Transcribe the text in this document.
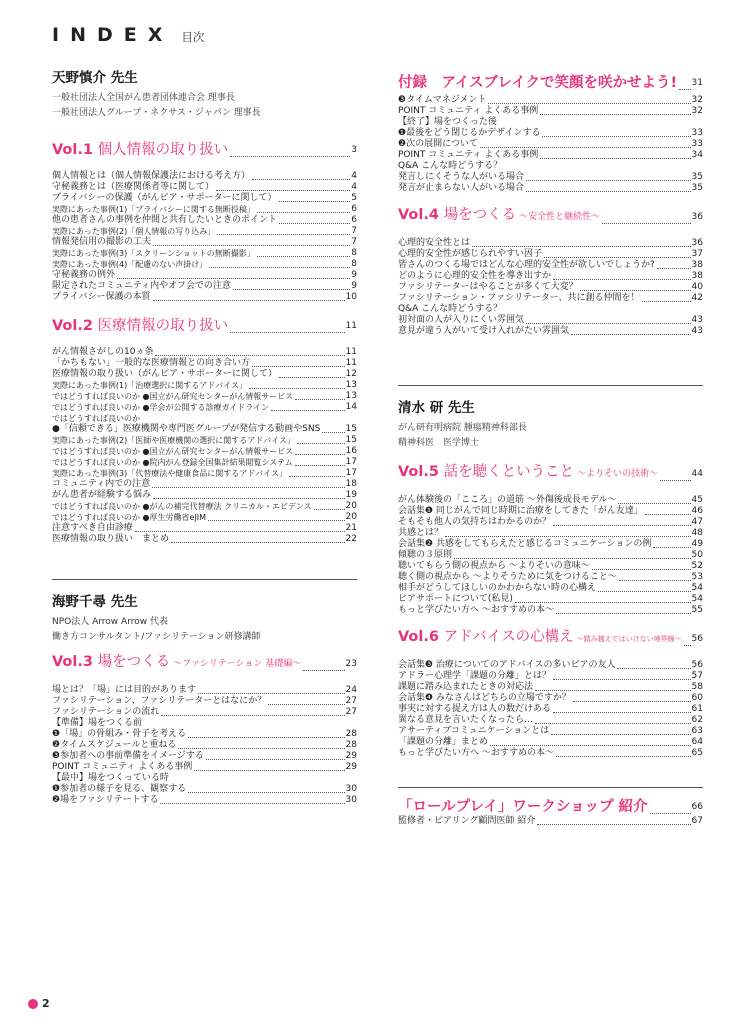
INDEX 目次
天野慎介 先生
一般社団法人全国がん患者団体連合会 理事長
一般社団法人グループ・ネクサス・ジャパン 理事長
Vol.1 個人情報の取り扱い	3
個人情報とは（個人情報保護法における考え方）	4
守秘義務とは（医療関係者等に関して）	4
プライバシーの保護（がんピア・サポーターに関して）	5
実際にあった事例(1)「プライバシーに関する無断投稿」	6
他の患者さんの事例を仲間と共有したいときのポイント	6
実際にあった事例(2)「個人情報の写り込み」	7
情報発信用の撮影の工夫	7
実際にあった事例(3)「スクリーンショットの無断撮影」	8
実際にあった事例(4)「配慮のない声掛け」	8
守秘義務の例外	9
限定されたコミュニティ内やオフ会での注意	9
プライバシー保護の本質	10
Vol.2 医療情報の取り扱い	11
がん情報さがしの10ヵ条	11
「かちもない」一般的な医療情報との向き合い方	11
医療情報の取り扱い（がんピア・サポーターに関して）	12
実際にあった事例(1)「治療選択に関するアドバイス」	13
ではどうすれば良いのか ●国立がん研究センターがん情報サービス	13
ではどうすれば良いのか ●学会が公開する診療ガイドライン	14
ではどうすれば良いのか
●「信頼できる」医療機関や専門医グループが発信する動画やSNS	15
実際にあった事例(2)「医師や医療機関の選択に関するアドバイス」	15
ではどうすれば良いのか ●国立がん研究センターがん情報サービス	16
ではどうすれば良いのか ●院内がん登録全国集計結果閲覧システム	17
実際にあった事例(3)「代替療法や健康食品に関するアドバイス」	17
コミュニティ内での注意	18
がん患者が経験する悩み	19
ではどうすれば良いのか ●がんの補完代替療法 クリニカル・エビデンス	20
ではどうすれば良いのか ●厚生労働省eJIM	20
注意すべき自由診療	21
医療情報の取り扱い　まとめ	22
海野千尋 先生
NPO法人 Arrow Arrow 代表
働き方コンサルタント/ファシリテーション研修講師
Vol.3 場をつくる ～ファシリテーション 基礎編～	23
場とは？「場」には目的があります	24
ファシリテーション、ファシリテーターとはなにか？	27
ファシリテーションの流れ	27
【準備】場をつくる前
❶「場」の骨組み・骨子を考える	28
❷タイムスケジュールと重ねる	28
❸参加者への事前準備をイメージする	29
POINT コミュニティ よくある事例	29
【最中】場をつくっている時
❶参加者の様子を見る、観察する	30
❷場をファシリテートする	30
付録　アイスブレイクで笑顔を咲かせよう! 31
❸タイムマネジメント	32
POINT コミュニティ よくある事例	32
【終了】場をつくった後
❶最後をどう閉じるかデザインする	33
❷次の展開について	33
POINT コミュニティ よくある事例	34
Q&A こんな時どうする？
発言しにくそうな人がいる場合	35
発言が止まらない人がいる場合	35
Vol.4 場をつくる ～安全性と継続性～	36
心理的安全性とは	36
心理的安全性が感じられやすい因子	37
皆さんのつくる場ではどんな心理的安全性が欲しいでしょうか?	38
どのように心理的安全性を導き出すか	38
ファシリテーターはやることが多くて大変？	40
ファシリテーション・ファシリテーター、共に創る仲間を！	42
Q&A こんな時どうする？
初対面の人が入りにくい雰囲気	43
意見が違う人がいて受け入れがたい雰囲気	43
清水 研 先生
がん研有明病院 腫瘍精神科部長
精神科医　医学博士
Vol.5 話を聴くということ ～よりそいの技術～	44
がん体験後の「こころ」の道筋 ～外傷後成長モデル～	45
会話集❶ 同じがんで同じ時期に治療をしてきた「がん友達」	46
そもそも他人の気持ちはわかるのか？	47
共感とは？	48
会話集❷ 共感をしてもらえたと感じるコミュニケーションの例	49
傾聴の３原則	50
聴いてもらう側の視点から ～よりそいの意味～	52
聴く側の視点から ～よりそうために気をつけること～	53
相手がどうしてほしいのかわからない時の心構え	54
ピアサポートについて(私見)	54
もっと学びたい方へ ～おすすめの本～	55
Vol.6 アドバイスの心構え ～踏み越えてはいけない境界線～ 56
会話集❸ 治療についてのアドバイスの多いピアの友人	56
アドラー心理学「課題の分離」とは？	57
課題に踏み込まれたときの対応法	58
会話集❹ みなさんはどちらの立場ですか？	60
事実に対する捉え方は人の数だけある	61
異なる意見を言いたくなったら…	62
アサーティブコミュニケーションとは	63
「課題の分離」まとめ	64
もっと学びたい方へ ～おすすめの本～	65
「ロールプレイ」ワークショップ 紹介	66
監修者・ピアリング顧問医師 紹介	67
2
